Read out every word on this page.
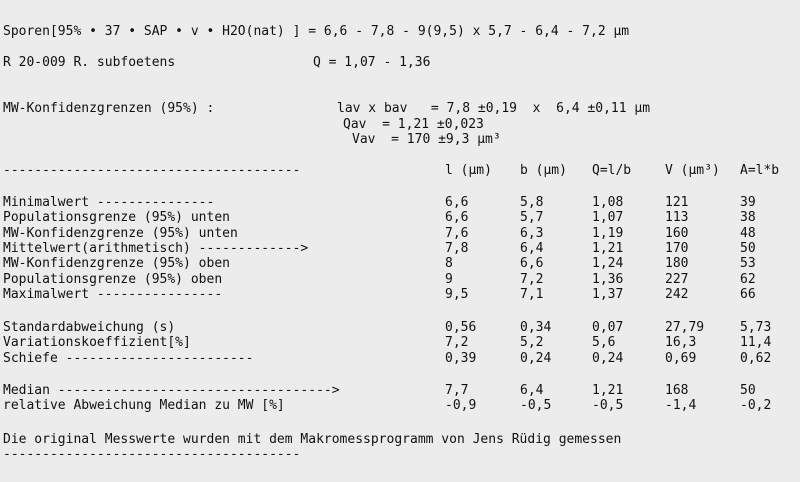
Sporen[95% • 37 • SAP • v • H2O(nat) ] = 6,6 - 7,8 - 9(9,5) x 5,7 - 6,4 - 7,2 µm
R 20-009 R. subfoetens	Q = 1,07 - 1,36
MW-Konfidenzgrenzen (95%) :	lav x bav   = 7,8 ±0,19  x  6,4 ±0,11 µm
Qav  = 1,21 ±0,023
Vav  = 170 ±9,3 µm³
--------------------------------------	l (µm) b (µm) Q=l/b	V (µm³) A=l*b
Minimalwert ---------------	6,6	5,8	1,08	121	39
Populationsgrenze (95%) unten	6,6	5,7	1,07	113	38
MW-Konfidenzgrenze (95%) unten	7,6	6,3	1,19	160	48
Mittelwert(arithmetisch) ------------->	7,8	6,4	1,21	170	50
MW-Konfidenzgrenze (95%) oben	8	6,6	1,24	180	53
Populationsgrenze (95%) oben	9	7,2	1,36	227	62
Maximalwert ----------------	9,5	7,1	1,37	242	66
Standardabweichung (s)	0,56	0,34	0,07	27,79	5,73
Variationskoeffizient[%]	7,2	5,2	5,6	16,3	11,4
Schiefe ------------------------	0,39	0,24	0,24	0,69	0,62
Median ----------------------------------->	7,7	6,4	1,21	168	50
relative Abweichung Median zu MW [%]	-0,9	-0,5	-0,5	-1,4	-0,2
Die original Messwerte wurden mit dem Makromessprogramm von Jens Rüdig gemessen
--------------------------------------
